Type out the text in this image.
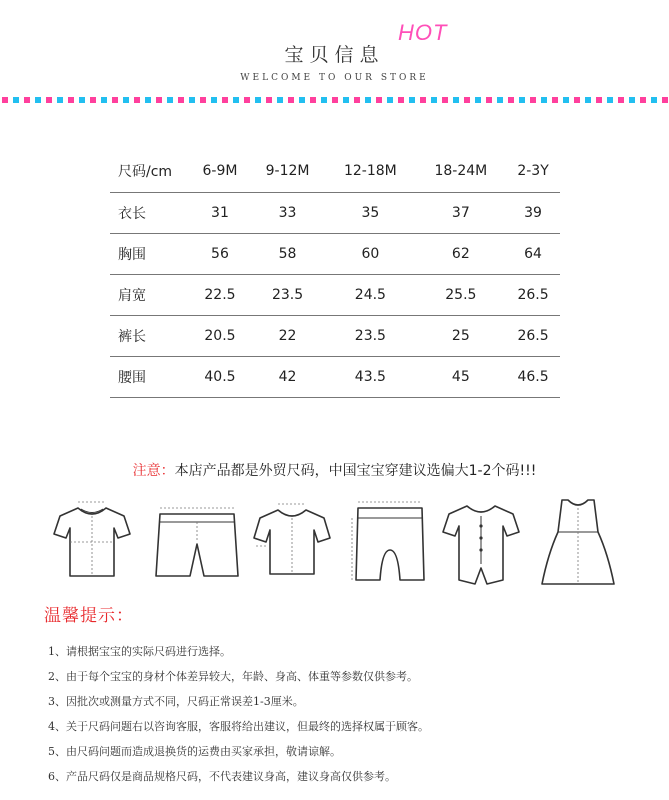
HOT
宝贝信息
WELCOME TO OUR STORE
尺码/cm	6-9M	9-12M	12-18M	18-24M	2-3Y
衣长	31	33	35	37	39
胸围	56	58	60	62	64
肩宽	22.5	23.5	24.5	25.5	26.5
裤长	20.5	22	23.5	25	26.5
腰围	40.5	42	43.5	45	46.5
注意：本店产品都是外贸尺码，中国宝宝穿建议选偏大1-2个码!!!
温馨提示：
1、请根据宝宝的实际尺码进行选择。
2、由于每个宝宝的身材个体差异较大，年龄、身高、体重等参数仅供参考。
3、因批次或测量方式不同，尺码正常误差1-3厘米。
4、关于尺码问题右以咨询客服，客服将给出建议，但最终的选择权属于顾客。
5、由尺码问题而造成退换货的运费由买家承担，敬请谅解。
6、产品尺码仅是商品规格尺码，不代表建议身高，建议身高仅供参考。
